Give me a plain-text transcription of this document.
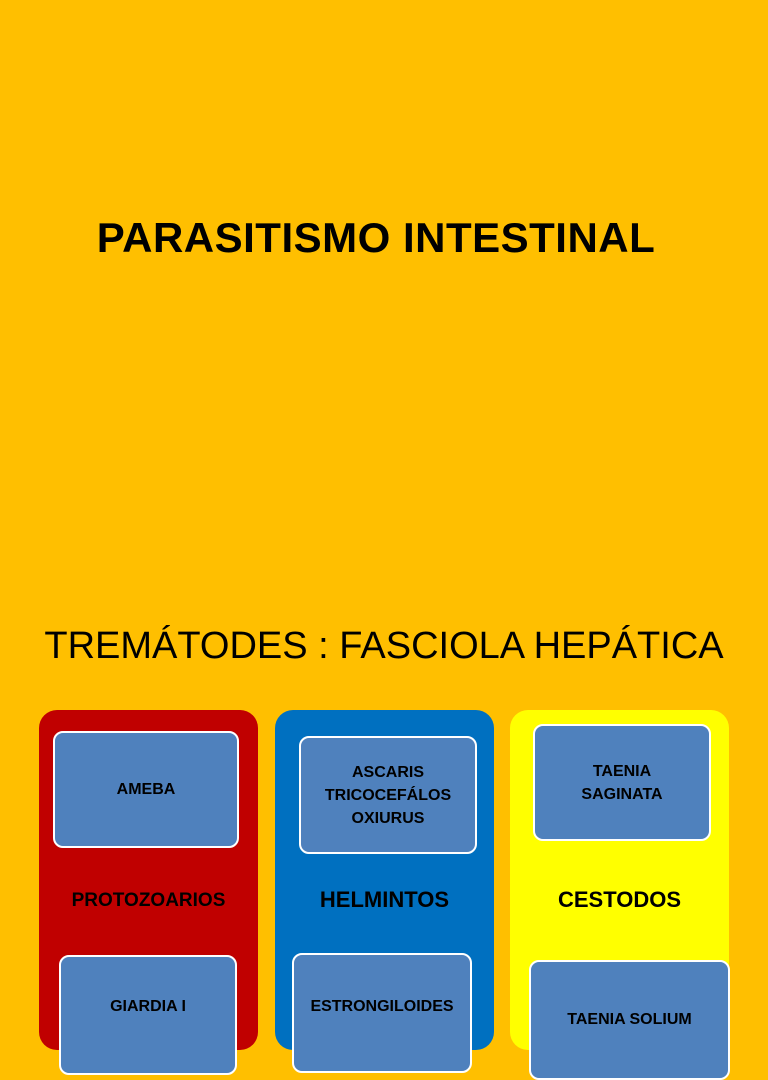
PARASITISMO INTESTINAL
TREMÁTODES : FASCIOLA HEPÁTICA
AMEBA
PROTOZOARIOS
GIARDIA I
ASCARIS
TRICOCEFÁLOS
OXIURUS
HELMINTOS
ESTRONGILOIDES
TAENIA
SAGINATA
CESTODOS
TAENIA SOLIUM
